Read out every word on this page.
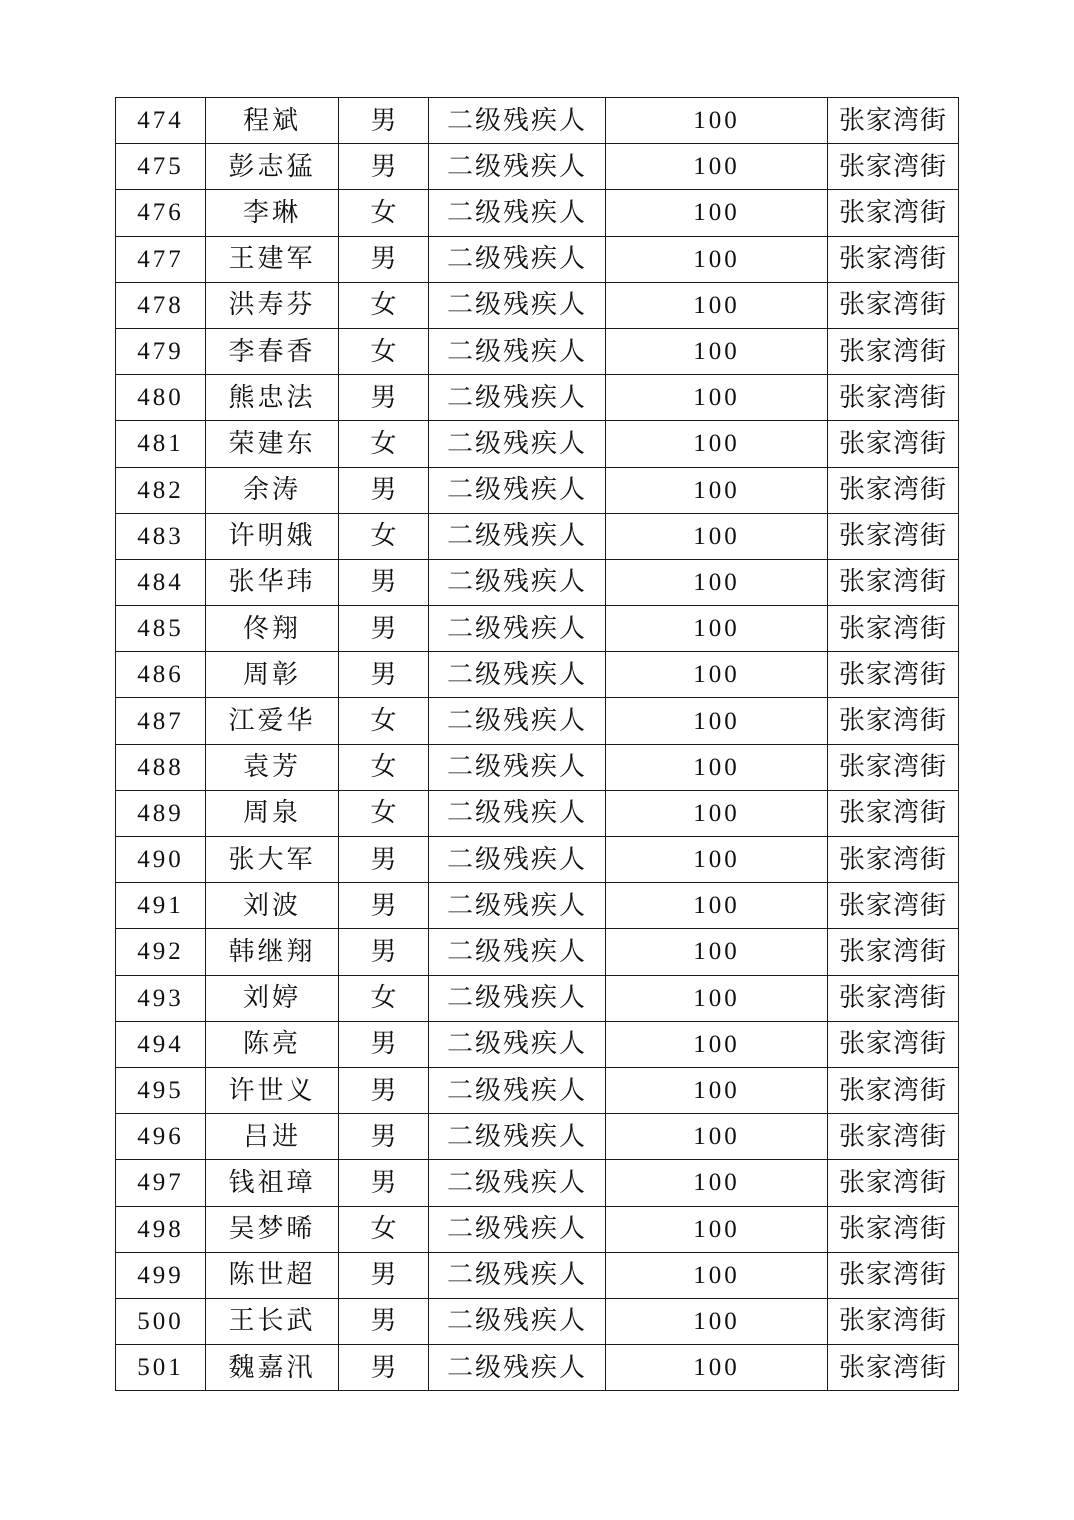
474	程斌	男	二级残疾人	100	张家湾街
475	彭志猛	男	二级残疾人	100	张家湾街
476	李琳	女	二级残疾人	100	张家湾街
477	王建军	男	二级残疾人	100	张家湾街
478	洪寿芬	女	二级残疾人	100	张家湾街
479	李春香	女	二级残疾人	100	张家湾街
480	熊忠法	男	二级残疾人	100	张家湾街
481	荣建东	女	二级残疾人	100	张家湾街
482	余涛	男	二级残疾人	100	张家湾街
483	许明娥	女	二级残疾人	100	张家湾街
484	张华玮	男	二级残疾人	100	张家湾街
485	佟翔	男	二级残疾人	100	张家湾街
486	周彰	男	二级残疾人	100	张家湾街
487	江爱华	女	二级残疾人	100	张家湾街
488	袁芳	女	二级残疾人	100	张家湾街
489	周泉	女	二级残疾人	100	张家湾街
490	张大军	男	二级残疾人	100	张家湾街
491	刘波	男	二级残疾人	100	张家湾街
492	韩继翔	男	二级残疾人	100	张家湾街
493	刘婷	女	二级残疾人	100	张家湾街
494	陈亮	男	二级残疾人	100	张家湾街
495	许世义	男	二级残疾人	100	张家湾街
496	吕进	男	二级残疾人	100	张家湾街
497	钱祖璋	男	二级残疾人	100	张家湾街
498	吴梦晞	女	二级残疾人	100	张家湾街
499	陈世超	男	二级残疾人	100	张家湾街
500	王长武	男	二级残疾人	100	张家湾街
501	魏嘉汛	男	二级残疾人	100	张家湾街
